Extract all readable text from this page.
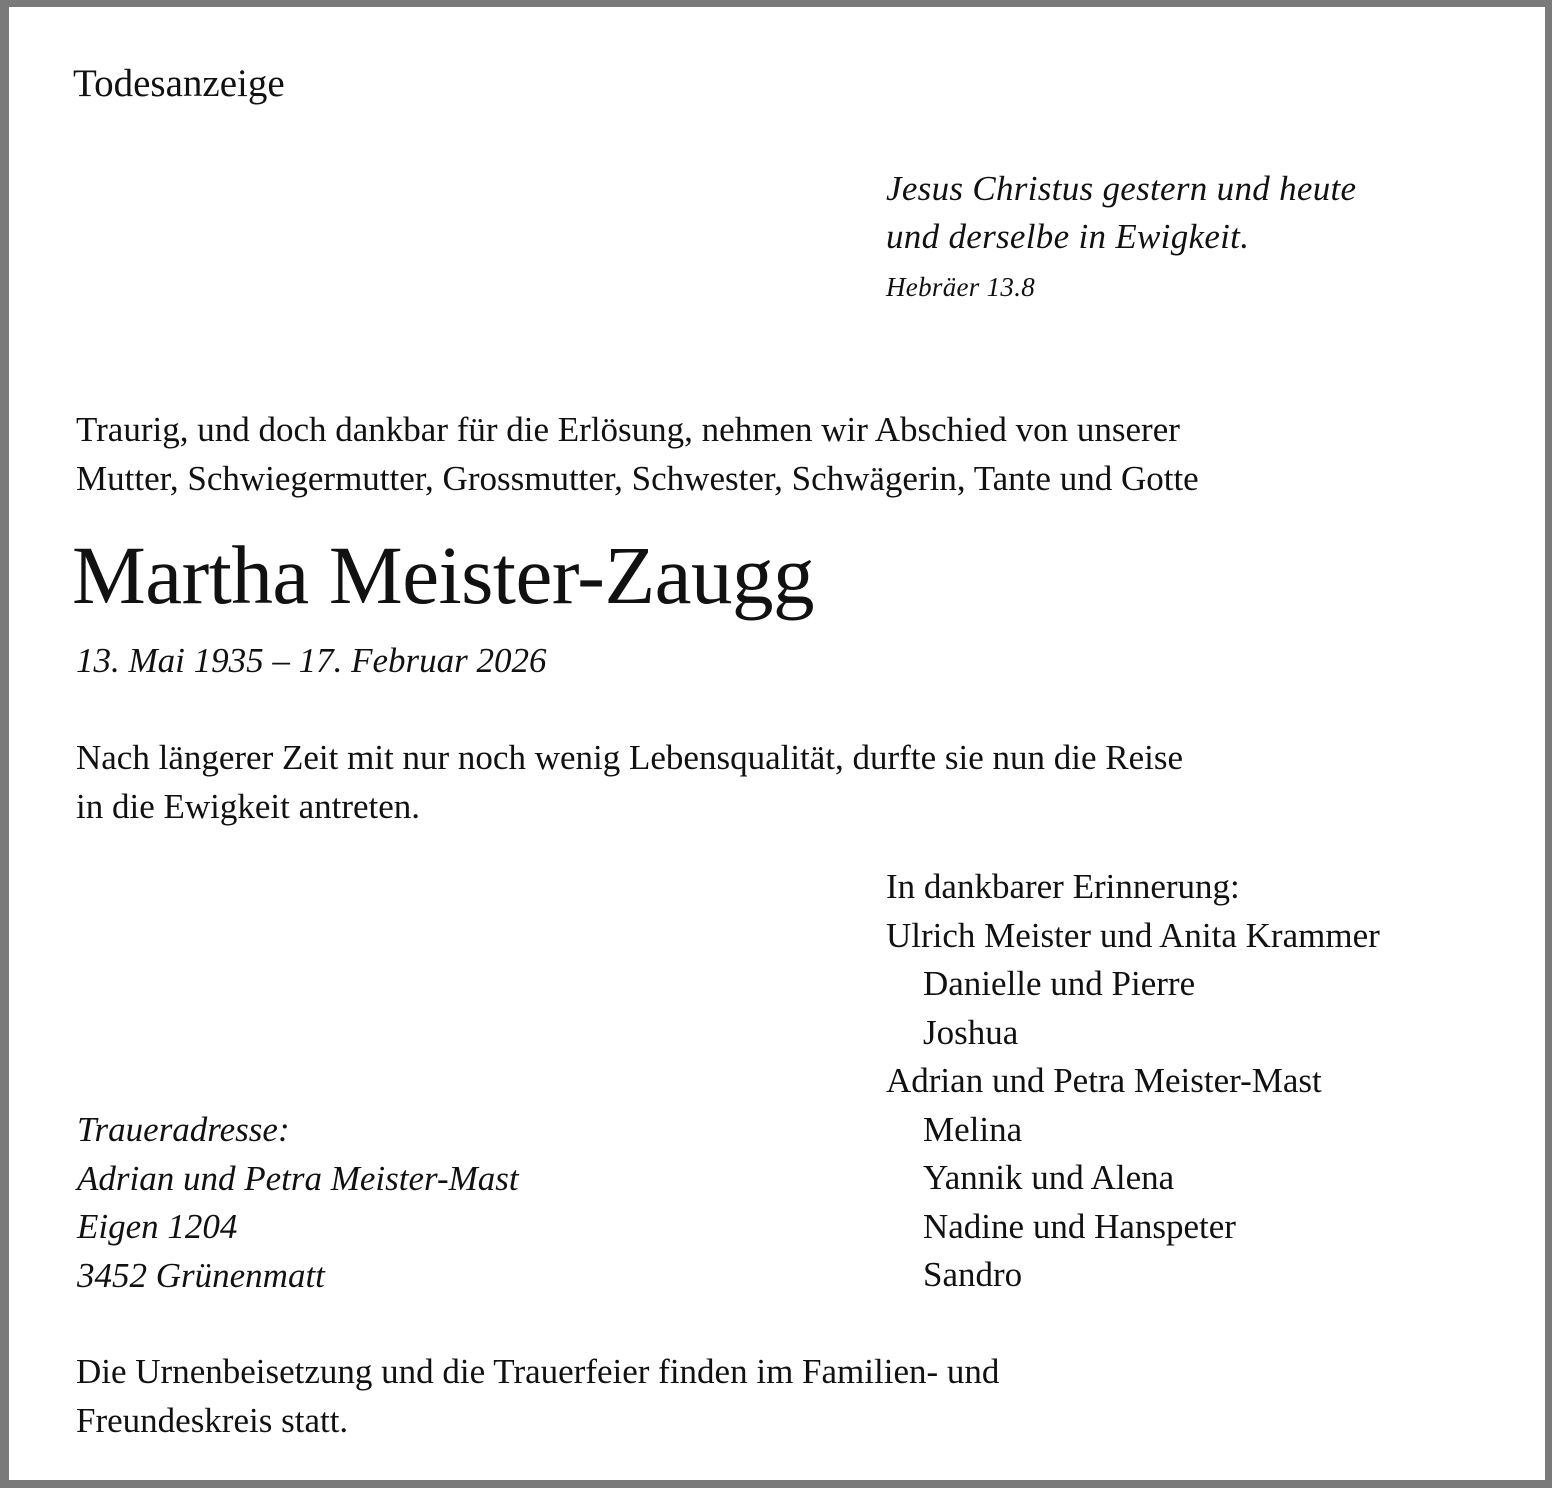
Todesanzeige
Jesus Christus gestern und heute
und derselbe in Ewigkeit.
Hebräer 13.8
Traurig, und doch dankbar für die Erlösung, nehmen wir Abschied von unserer
Mutter, Schwiegermutter, Grossmutter, Schwester, Schwägerin, Tante und Gotte
Martha Meister-Zaugg
13. Mai 1935 – 17. Februar 2026
Nach längerer Zeit mit nur noch wenig Lebensqualität, durfte sie nun die Reise
in die Ewigkeit antreten.
In dankbarer Erinnerung:
Ulrich Meister und Anita Krammer
Danielle und Pierre
Joshua
Adrian und Petra Meister-Mast
Melina
Yannik und Alena
Nadine und Hanspeter
Sandro
Traueradresse:
Adrian und Petra Meister-Mast
Eigen 1204
3452 Grünenmatt
Die Urnenbeisetzung und die Trauerfeier finden im Familien- und
Freundeskreis statt.
